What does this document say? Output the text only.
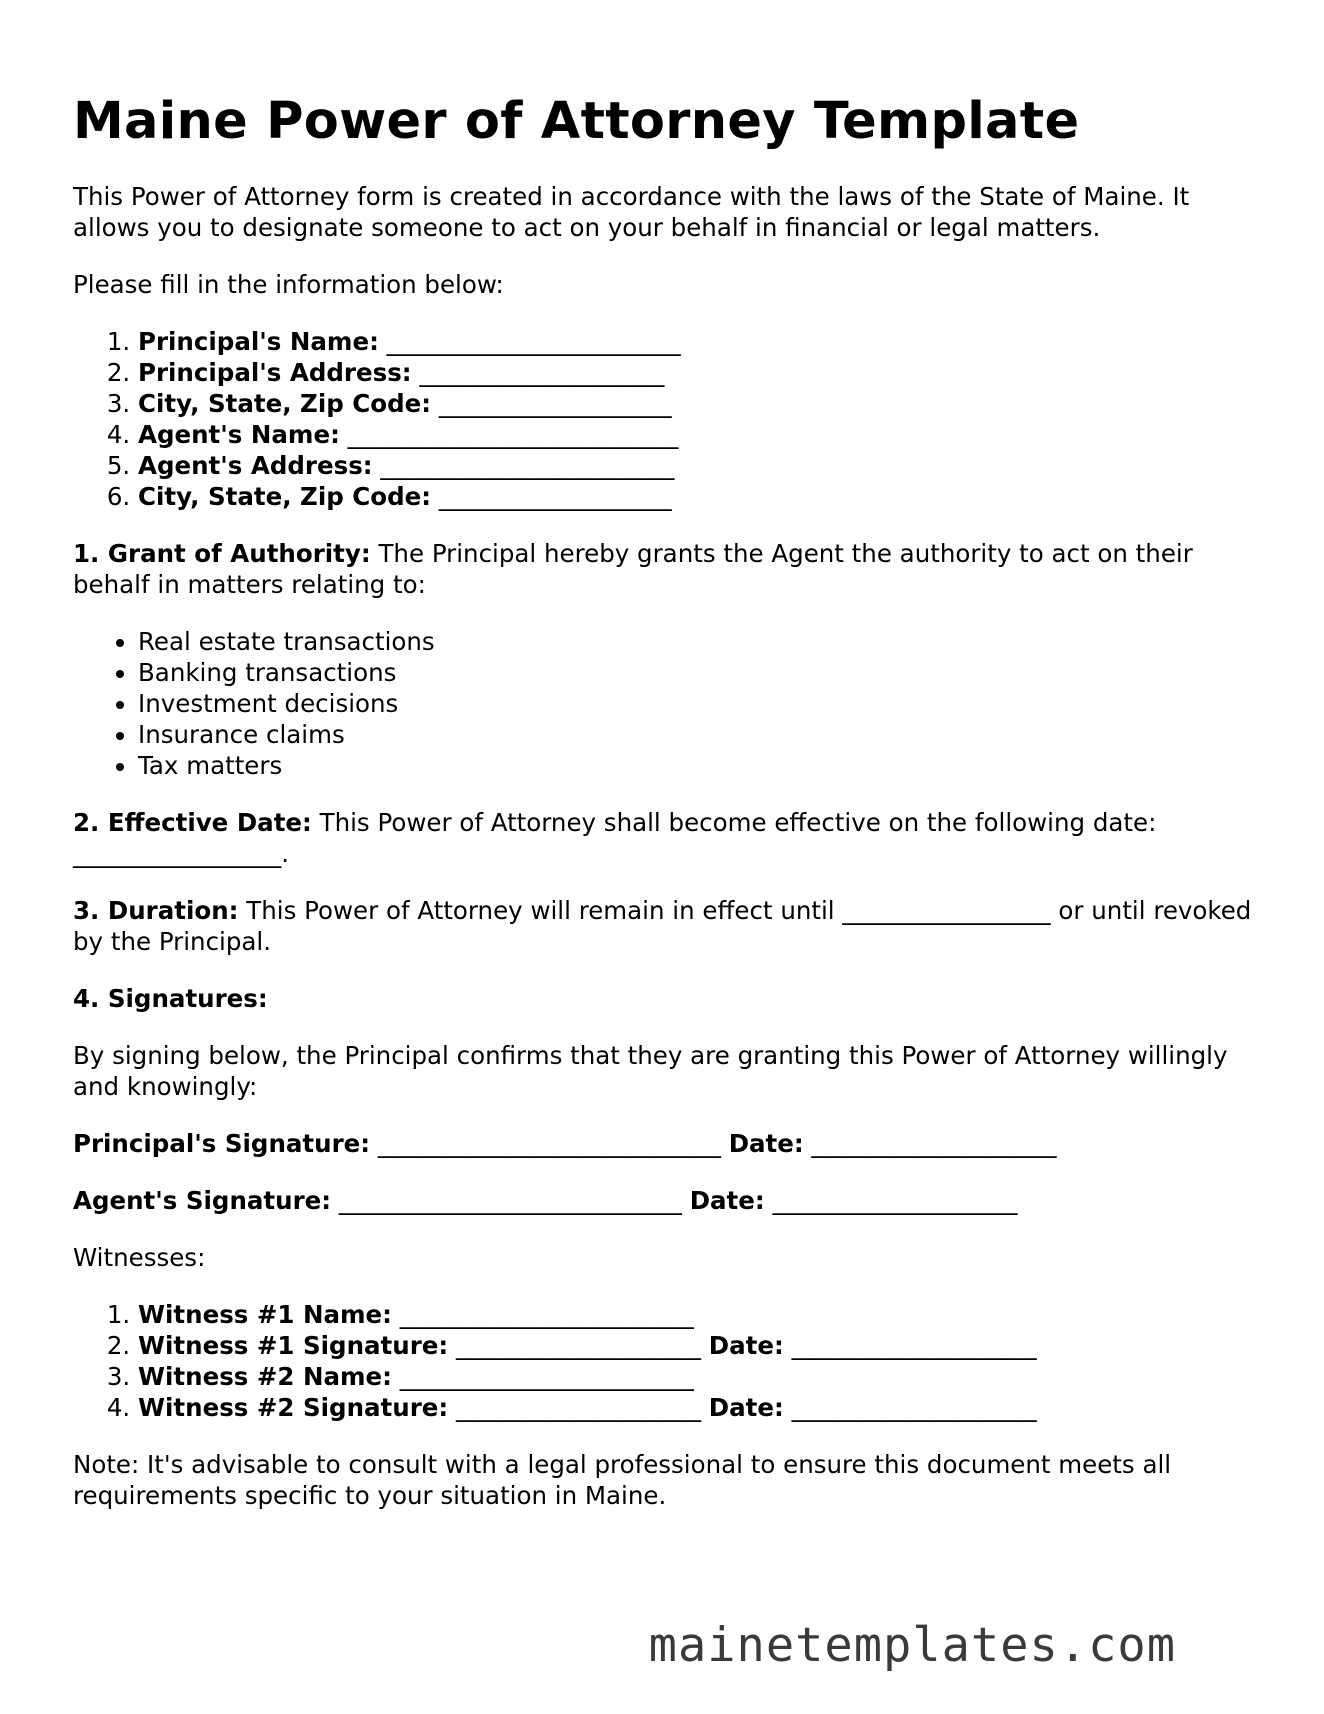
Maine Power of Attorney Template

This Power of Attorney form is created in accordance with the laws of the State of Maine. It allows you to designate someone to act on your behalf in financial or legal matters.

Please fill in the information below:

1. Principal's Name: ________________________
2. Principal's Address: ____________________
3. City, State, Zip Code: ___________________
4. Agent's Name: ___________________________
5. Agent's Address: ________________________
6. City, State, Zip Code: ___________________

1. Grant of Authority: The Principal hereby grants the Agent the authority to act on their behalf in matters relating to:

• Real estate transactions
• Banking transactions
• Investment decisions
• Insurance claims
• Tax matters

2. Effective Date: This Power of Attorney shall become effective on the following date: _________________.

3. Duration: This Power of Attorney will remain in effect until _________________ or until revoked by the Principal.

4. Signatures:

By signing below, the Principal confirms that they are granting this Power of Attorney willingly and knowingly:

Principal's Signature: ____________________________ Date: ____________________

Agent's Signature: ____________________________ Date: ____________________

Witnesses:

1. Witness #1 Name: ________________________
2. Witness #1 Signature: ____________________ Date: ____________________
3. Witness #2 Name: ________________________
4. Witness #2 Signature: ____________________ Date: ____________________

Note: It's advisable to consult with a legal professional to ensure this document meets all requirements specific to your situation in Maine.

mainetemplates.com
